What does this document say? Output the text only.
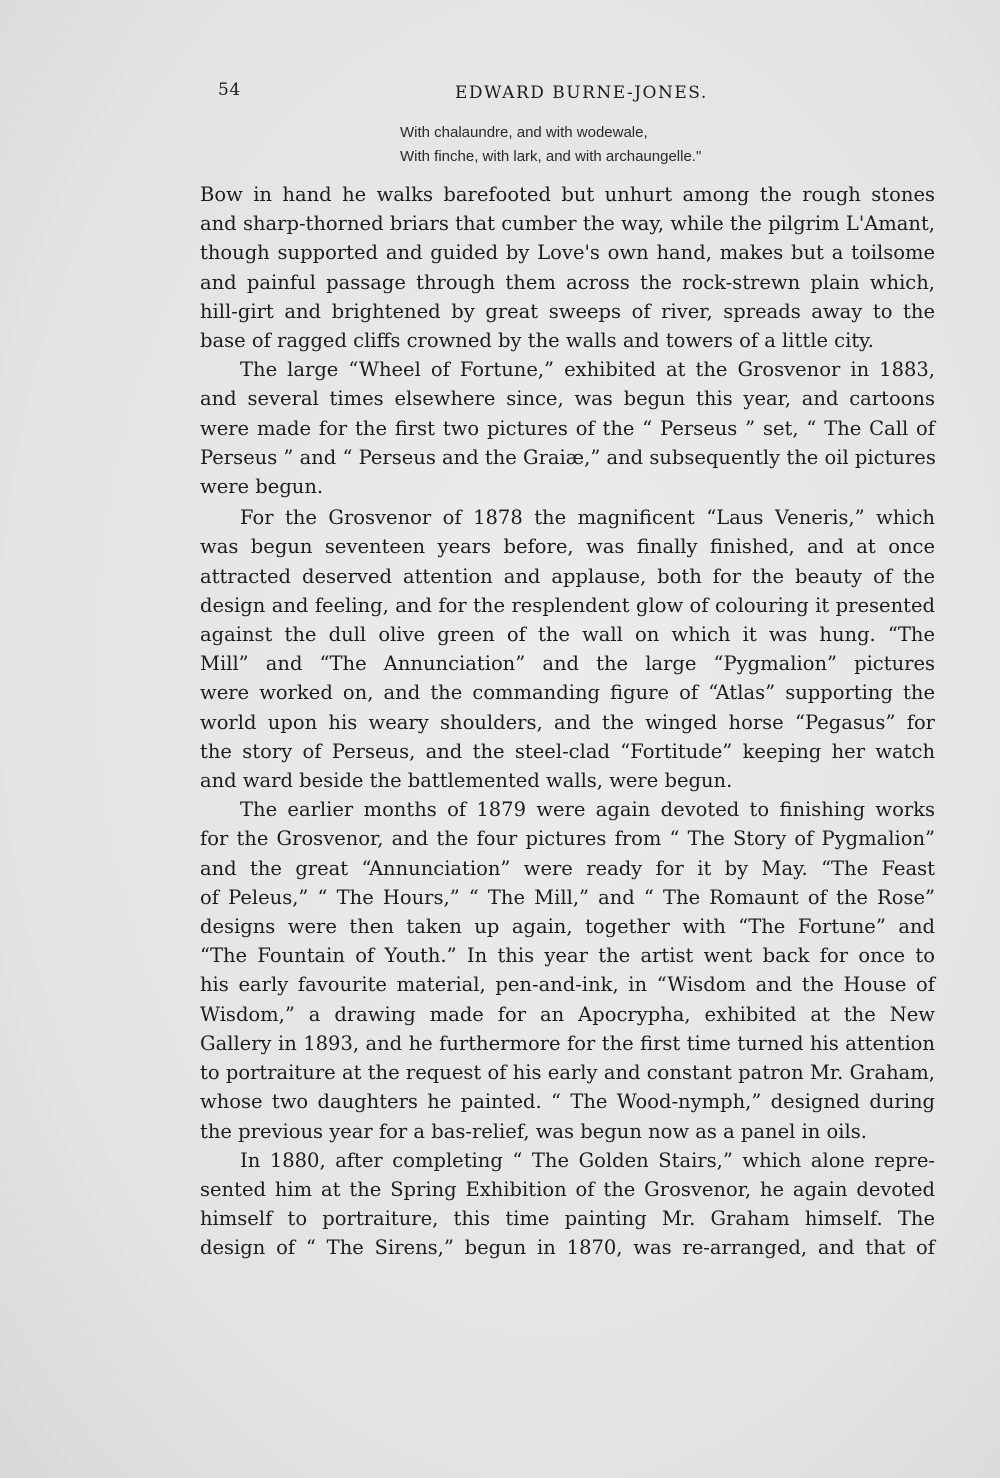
54	EDWARD BURNE-JONES.
With chalaundre, and with wodewale,
With finche, with lark, and with archaungelle."
Bow in hand he walks barefooted but unhurt among the rough stones
and sharp-thorned briars that cumber the way, while the pilgrim L'Amant,
though supported and guided by Love's own hand, makes but a toilsome
and painful passage through them across the rock-strewn plain which,
hill-girt and brightened by great sweeps of river, spreads away to the
base of ragged cliffs crowned by the walls and towers of a little city.
The large “Wheel of Fortune,” exhibited at the Grosvenor in 1883,
and several times elsewhere since, was begun this year, and cartoons
were made for the first two pictures of the “ Perseus ” set, “ The Call of
Perseus ” and “ Perseus and the Graiæ,” and subsequently the oil pictures
were begun.
For the Grosvenor of 1878 the magnificent “Laus Veneris,” which
was begun seventeen years before, was finally finished, and at once
attracted deserved attention and applause, both for the beauty of the
design and feeling, and for the resplendent glow of colouring it presented
against the dull olive green of the wall on which it was hung. “The
Mill” and “The Annunciation” and the large “Pygmalion” pictures
were worked on, and the commanding figure of “Atlas” supporting the
world upon his weary shoulders, and the winged horse “Pegasus” for
the story of Perseus, and the steel-clad “Fortitude” keeping her watch
and ward beside the battlemented walls, were begun.
The earlier months of 1879 were again devoted to finishing works
for the Grosvenor, and the four pictures from “ The Story of Pygmalion”
and the great “Annunciation” were ready for it by May. “The Feast
of Peleus,” “ The Hours,” “ The Mill,” and “ The Romaunt of the Rose”
designs were then taken up again, together with “The Fortune” and
“The Fountain of Youth.” In this year the artist went back for once to
his early favourite material, pen-and-ink, in “Wisdom and the House of
Wisdom,” a drawing made for an Apocrypha, exhibited at the New
Gallery in 1893, and he furthermore for the first time turned his attention
to portraiture at the request of his early and constant patron Mr. Graham,
whose two daughters he painted. “ The Wood-nymph,” designed during
the previous year for a bas-relief, was begun now as a panel in oils.
In 1880, after completing “ The Golden Stairs,” which alone repre-
sented him at the Spring Exhibition of the Grosvenor, he again devoted
himself to portraiture, this time painting Mr. Graham himself. The
design of “ The Sirens,” begun in 1870, was re-arranged, and that of
